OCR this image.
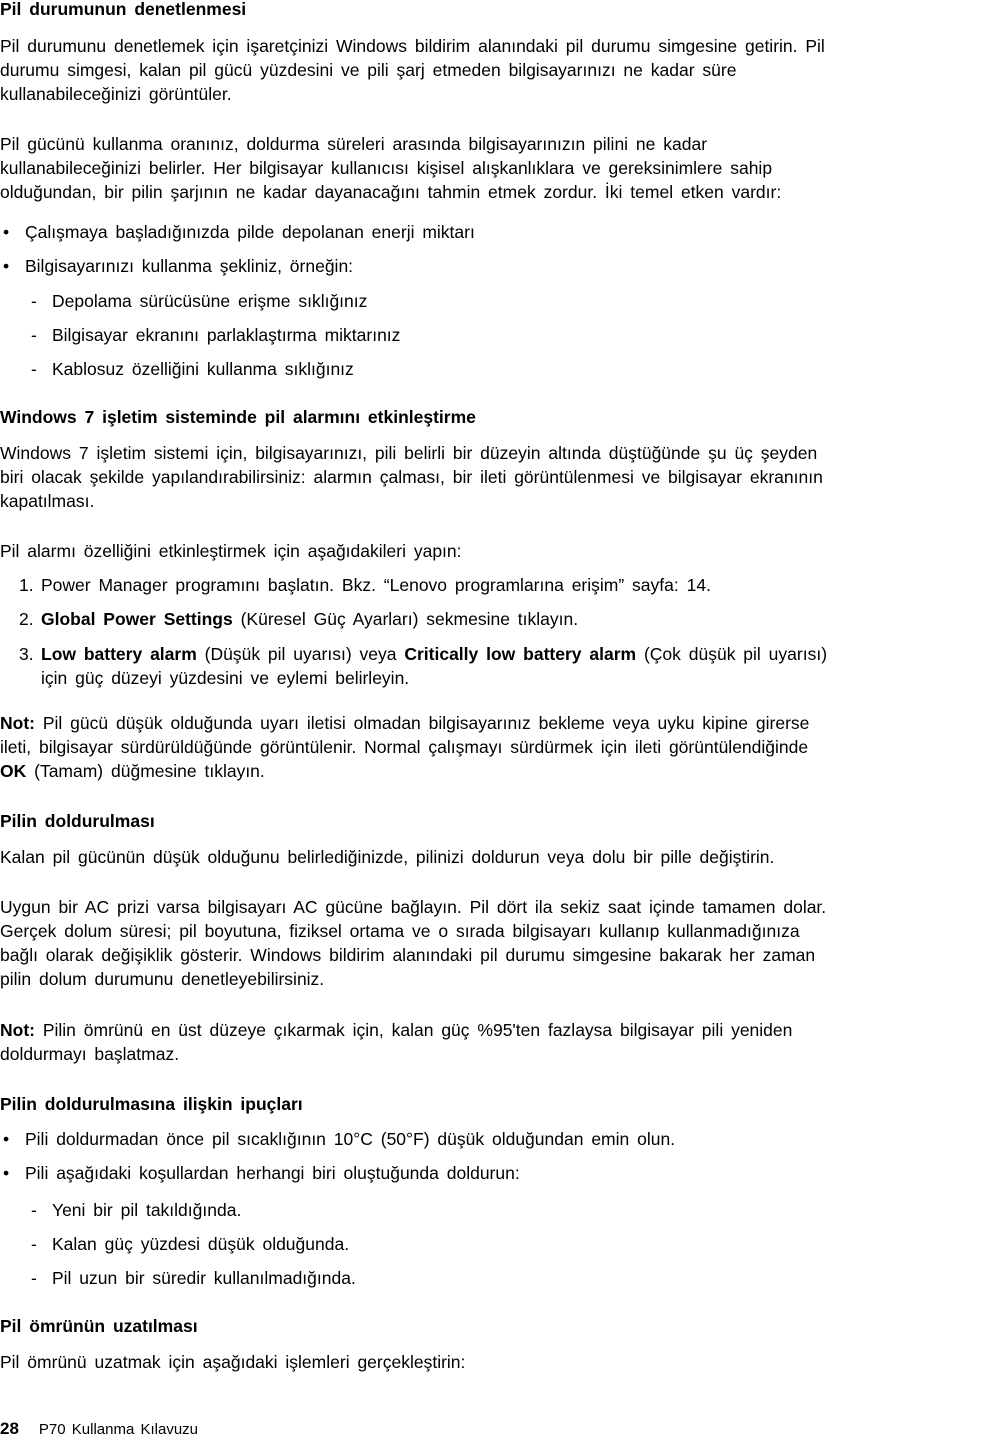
Pil durumunun denetlenmesi
Pil durumunu denetlemek için işaretçinizi Windows bildirim alanındaki pil durumu simgesine getirin. Pil
durumu simgesi, kalan pil gücü yüzdesini ve pili şarj etmeden bilgisayarınızı ne kadar süre
kullanabileceğinizi görüntüler.
Pil gücünü kullanma oranınız, doldurma süreleri arasında bilgisayarınızın pilini ne kadar
kullanabileceğinizi belirler. Her bilgisayar kullanıcısı kişisel alışkanlıklara ve gereksinimlere sahip
olduğundan, bir pilin şarjının ne kadar dayanacağını tahmin etmek zordur. İki temel etken vardır:
• Çalışmaya başladığınızda pilde depolanan enerji miktarı
• Bilgisayarınızı kullanma şekliniz, örneğin:
- Depolama sürücüsüne erişme sıklığınız
- Bilgisayar ekranını parlaklaştırma miktarınız
- Kablosuz özelliğini kullanma sıklığınız
Windows 7 işletim sisteminde pil alarmını etkinleştirme
Windows 7 işletim sistemi için, bilgisayarınızı, pili belirli bir düzeyin altında düştüğünde şu üç şeyden
biri olacak şekilde yapılandırabilirsiniz: alarmın çalması, bir ileti görüntülenmesi ve bilgisayar ekranının
kapatılması.
Pil alarmı özelliğini etkinleştirmek için aşağıdakileri yapın:
1. Power Manager programını başlatın. Bkz. “Lenovo programlarına erişim” sayfa: 14.
2. Global Power Settings (Küresel Güç Ayarları) sekmesine tıklayın.
3. Low battery alarm (Düşük pil uyarısı) veya Critically low battery alarm (Çok düşük pil uyarısı)
için güç düzeyi yüzdesini ve eylemi belirleyin.
Not: Pil gücü düşük olduğunda uyarı iletisi olmadan bilgisayarınız bekleme veya uyku kipine girerse
ileti, bilgisayar sürdürüldüğünde görüntülenir. Normal çalışmayı sürdürmek için ileti görüntülendiğinde
OK (Tamam) düğmesine tıklayın.
Pilin doldurulması
Kalan pil gücünün düşük olduğunu belirlediğinizde, pilinizi doldurun veya dolu bir pille değiştirin.
Uygun bir AC prizi varsa bilgisayarı AC gücüne bağlayın. Pil dört ila sekiz saat içinde tamamen dolar.
Gerçek dolum süresi; pil boyutuna, fiziksel ortama ve o sırada bilgisayarı kullanıp kullanmadığınıza
bağlı olarak değişiklik gösterir. Windows bildirim alanındaki pil durumu simgesine bakarak her zaman
pilin dolum durumunu denetleyebilirsiniz.
Not: Pilin ömrünü en üst düzeye çıkarmak için, kalan güç %95'ten fazlaysa bilgisayar pili yeniden
doldurmayı başlatmaz.
Pilin doldurulmasına ilişkin ipuçları
• Pili doldurmadan önce pil sıcaklığının 10°C (50°F) düşük olduğundan emin olun.
• Pili aşağıdaki koşullardan herhangi biri oluştuğunda doldurun:
- Yeni bir pil takıldığında.
- Kalan güç yüzdesi düşük olduğunda.
- Pil uzun bir süredir kullanılmadığında.
Pil ömrünün uzatılması
Pil ömrünü uzatmak için aşağıdaki işlemleri gerçekleştirin:
28 P70 Kullanma Kılavuzu
